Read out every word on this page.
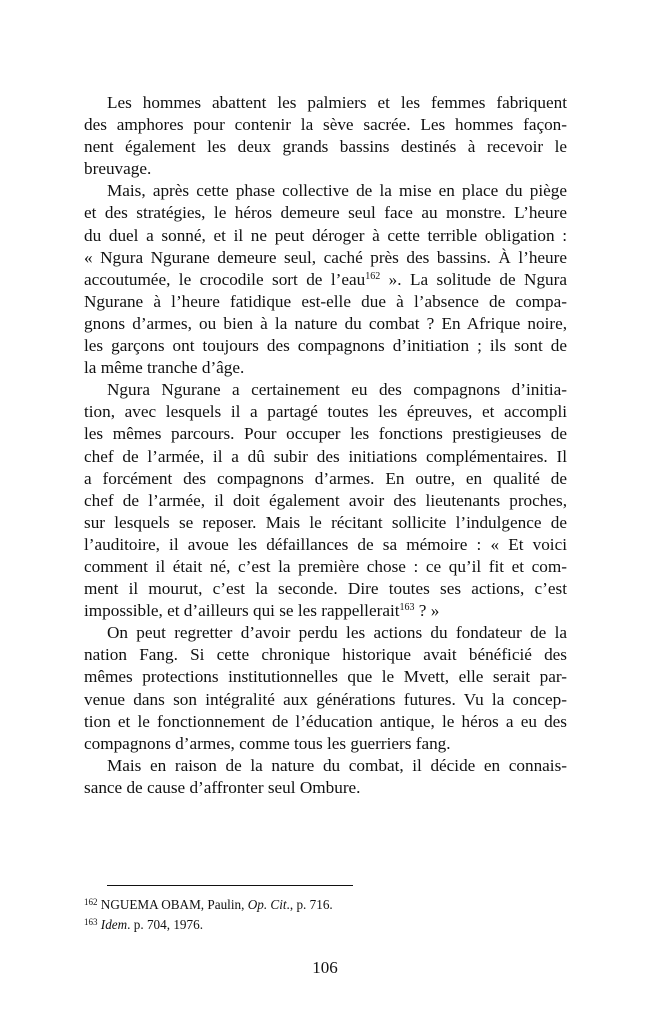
Les hommes abattent les palmiers et les femmes fabriquent
des amphores pour contenir la sève sacrée. Les hommes façon-
nent également les deux grands bassins destinés à recevoir le
breuvage.
Mais, après cette phase collective de la mise en place du piège
et des stratégies, le héros demeure seul face au monstre. L’heure
du duel a sonné, et il ne peut déroger à cette terrible obligation :
« Ngura Ngurane demeure seul, caché près des bassins. À l’heure
accoutumée, le crocodile sort de l’eau$^{162}$ ». La solitude de Ngura
Ngurane à l’heure fatidique est-elle due à l’absence de compa-
gnons d’armes, ou bien à la nature du combat ? En Afrique noire,
les garçons ont toujours des compagnons d’initiation ; ils sont de
la même tranche d’âge.
Ngura Ngurane a certainement eu des compagnons d’initia-
tion, avec lesquels il a partagé toutes les épreuves, et accompli
les mêmes parcours. Pour occuper les fonctions prestigieuses de
chef de l’armée, il a dû subir des initiations complémentaires. Il
a forcément des compagnons d’armes. En outre, en qualité de
chef de l’armée, il doit également avoir des lieutenants proches,
sur lesquels se reposer. Mais le récitant sollicite l’indulgence de
l’auditoire, il avoue les défaillances de sa mémoire : « Et voici
comment il était né, c’est la première chose : ce qu’il fit et com-
ment il mourut, c’est la seconde. Dire toutes ses actions, c’est
impossible, et d’ailleurs qui se les rappellerait$^{163}$ ? »
On peut regretter d’avoir perdu les actions du fondateur de la
nation Fang. Si cette chronique historique avait bénéficié des
mêmes protections institutionnelles que le Mvett, elle serait par-
venue dans son intégralité aux générations futures. Vu la concep-
tion et le fonctionnement de l’éducation antique, le héros a eu des
compagnons d’armes, comme tous les guerriers fang.
Mais en raison de la nature du combat, il décide en connais-
sance de cause d’affronter seul Ombure.
$^{162}$ NGUEMA OBAM, Paulin, Op. Cit., p. 716.
$^{163}$ Idem. p. 704, 1976.
106
